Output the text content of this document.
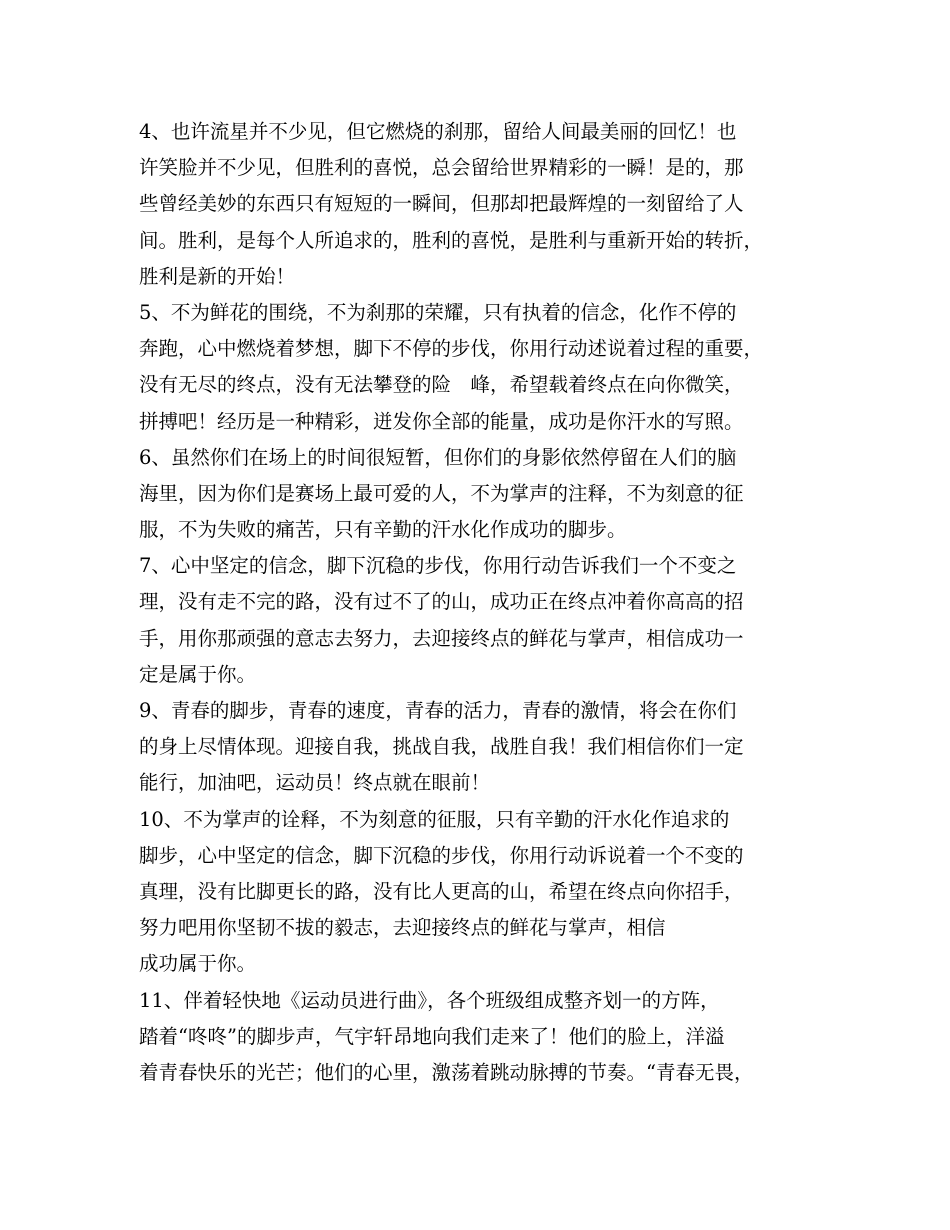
4、也许流星并不少见，但它燃烧的刹那，留给人间最美丽的回忆！也
许笑脸并不少见，但胜利的喜悦，总会留给世界精彩的一瞬！是的，那
些曾经美妙的东西只有短短的一瞬间，但那却把最辉煌的一刻留给了人
间。胜利，是每个人所追求的，胜利的喜悦，是胜利与重新开始的转折，
胜利是新的开始！
5、不为鲜花的围绕，不为刹那的荣耀，只有执着的信念，化作不停的
奔跑，心中燃烧着梦想，脚下不停的步伐，你用行动述说着过程的重要，
没有无尽的终点，没有无法攀登的险　峰，希望载着终点在向你微笑，
拼搏吧！经历是一种精彩，迸发你全部的能量，成功是你汗水的写照。
6、虽然你们在场上的时间很短暂，但你们的身影依然停留在人们的脑
海里，因为你们是赛场上最可爱的人，不为掌声的注释，不为刻意的征
服，不为失败的痛苦，只有辛勤的汗水化作成功的脚步。
7、心中坚定的信念，脚下沉稳的步伐，你用行动告诉我们一个不变之
理，没有走不完的路，没有过不了的山，成功正在终点冲着你高高的招
手，用你那顽强的意志去努力，去迎接终点的鲜花与掌声，相信成功一
定是属于你。
9、青春的脚步，青春的速度，青春的活力，青春的激情，将会在你们
的身上尽情体现。迎接自我，挑战自我，战胜自我！我们相信你们一定
能行，加油吧，运动员！终点就在眼前！
10、不为掌声的诠释，不为刻意的征服，只有辛勤的汗水化作追求的
脚步，心中坚定的信念，脚下沉稳的步伐，你用行动诉说着一个不变的
真理，没有比脚更长的路，没有比人更高的山，希望在终点向你招手，
努力吧用你坚韧不拔的毅志，去迎接终点的鲜花与掌声，相信
成功属于你。
11、伴着轻快地《运动员进行曲》，各个班级组成整齐划一的方阵，
踏着“咚咚”的脚步声，气宇轩昂地向我们走来了！他们的脸上，洋溢
着青春快乐的光芒；他们的心里，激荡着跳动脉搏的节奏。“青春无畏，
